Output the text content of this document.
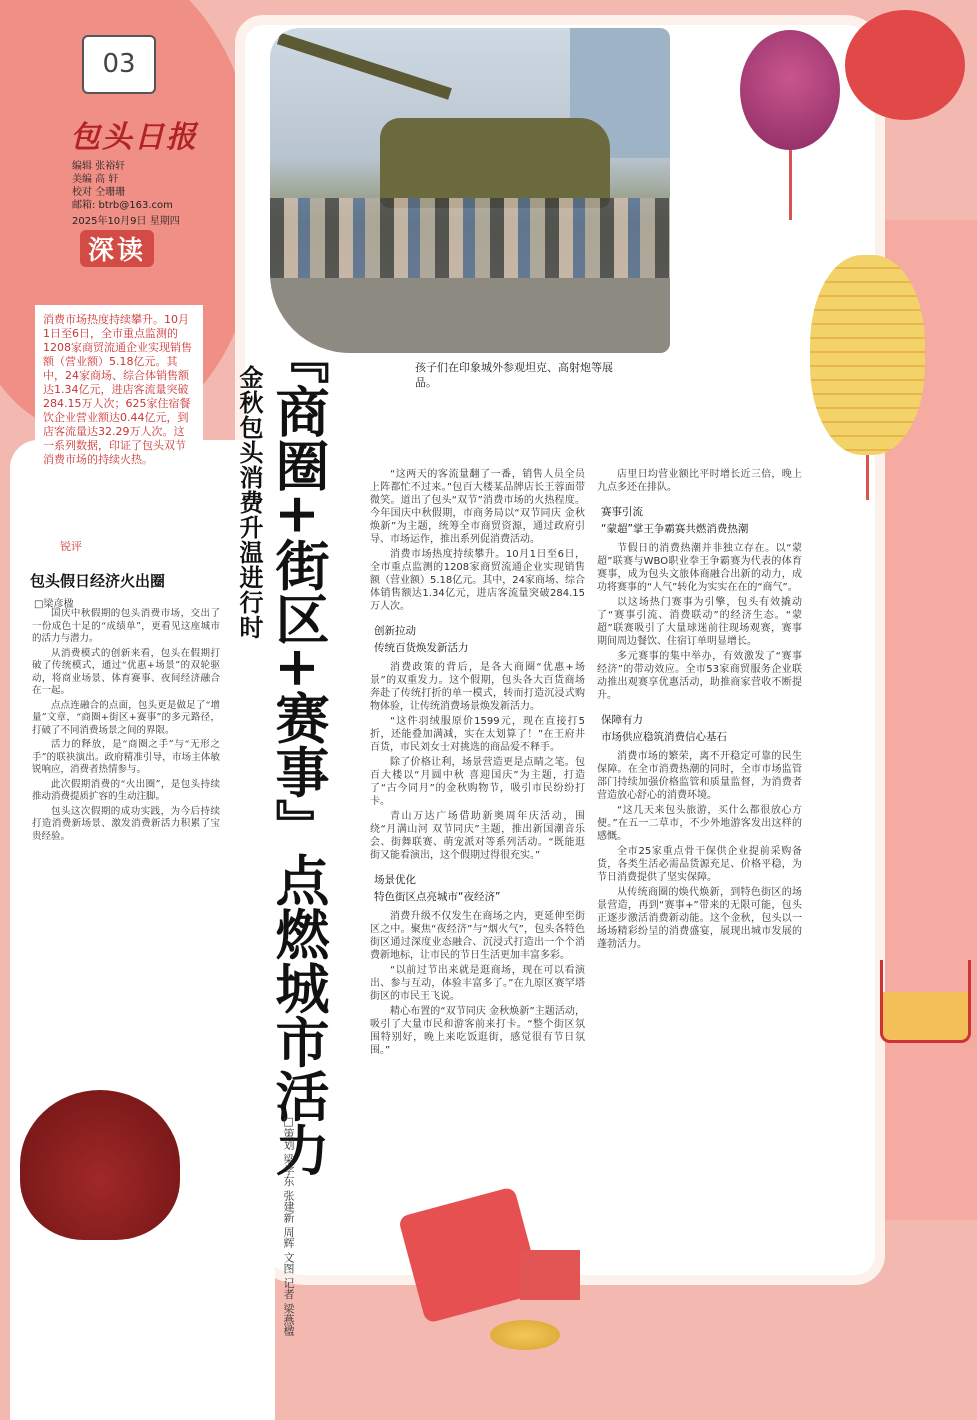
03
包头日报
编辑 张裕轩
美编 高 轩
校对 仝珊珊
邮箱: btrb@163.com
2025年10月9日 星期四
深读
孩子们在印象城外参观坦克、高射炮等展品。
『商圈+街区+赛事』点燃城市活力
金秋包头消费升温进行时
□策划 梁学东 张建新 周辉 文图 记者 梁燕楹
消费市场热度持续攀升。10月1日至6日，全市重点监测的1208家商贸流通企业实现销售额（营业额）5.18亿元。其中，24家商场、综合体销售额达1.34亿元，进店客流量突破284.15万人次；625家住宿餐饮企业营业额达0.44亿元，到店客流量达32.29万人次。这一系列数据，印证了包头双节消费市场的持续火热。
锐评
包头假日经济火出圈
□梁彦楹

国庆中秋假期的包头消费市场，交出了一份成色十足的“成绩单”，更看见这座城市的活力与潜力。

从消费模式的创新来看，包头在假期打破了传统模式，通过“优惠+场景”的双轮驱动，将商业场景、体育赛事、夜间经济融合在一起。

点点连融合的点面，包头更是做足了“增量”文章，“商圈+街区+赛事”的多元路径，打破了不同消费场景之间的界限。

活力的释放，是“商圈之手”与“无形之手”的联袂演出。政府精准引导，市场主体敏锐响应，消费者热情参与。

此次假期消费的“火出圈”，是包头持续推动消费提质扩容的生动注脚。

包头这次假期的成功实践，为今后持续打造消费新场景、激发消费新活力积累了宝贵经验。

“这两天的客流量翻了一番，销售人员全员上阵都忙不过来。”包百大楼某品牌店长王蓉面带微笑。道出了包头“双节”消费市场的火热程度。今年国庆中秋假期，市商务局以“双节同庆 金秋焕新”为主题，统筹全市商贸资源，通过政府引导、市场运作，推出系列促消费活动。

消费市场热度持续攀升。10月1日至6日，全市重点监测的1208家商贸流通企业实现销售额（营业额）5.18亿元。其中，24家商场、综合体销售额达1.34亿元，进店客流量突破284.15万人次。

创新拉动
传统百货焕发新活力

消费政策的背后，是各大商圈“优惠+场景”的双重发力。这个假期，包头各大百货商场奔赴了传统打折的单一模式，转而打造沉浸式购物体验，让传统消费场景焕发新活力。

“这件羽绒服原价1599元，现在直接打5折，还能叠加满减，实在太划算了！”在王府井百货，市民刘女士对挑选的商品爱不释手。

除了价格让利，场景营造更是点睛之笔。包百大楼以“月圆中秋 喜迎国庆”为主题，打造了“古今同月”的金秋购物节，吸引市民纷纷打卡。

青山万达广场借助新奥周年庆活动，围绕“月满山河 双节同庆”主题，推出新国潮音乐会、街舞联赛、萌宠派对等系列活动。“既能逛街又能看演出，这个假期过得很充实。”

场景优化
特色街区点亮城市“夜经济”

消费升级不仅发生在商场之内，更延伸至街区之中。聚焦“夜经济”与“烟火气”，包头各特色街区通过深度业态融合、沉浸式打造出一个个消费新地标，让市民的节日生活更加丰富多彩。

“以前过节出来就是逛商场，现在可以看演出、参与互动，体验丰富多了。”在九原区赛罕塔街区的市民王飞说。

精心布置的“双节同庆 金秋焕新”主题活动，吸引了大量市民和游客前来打卡。“整个街区氛围特别好，晚上来吃饭逛街，感觉很有节日氛围。”

店里日均营业额比平时增长近三倍，晚上九点多还在排队。

赛事引流
“蒙超”掌王争霸赛共燃消费热潮

节假日的消费热潮并非独立存在。以“蒙超”联赛与WBO职业拳王争霸赛为代表的体育赛事，成为包头文旅体商融合出新的动力，成功将赛事的“人气”转化为实实在在的“商气”。

以这场热门赛事为引擎，包头有效撬动了“赛事引流、消费联动”的经济生态。“蒙超”联赛吸引了大量球迷前往现场观赛，赛事期间周边餐饮、住宿订单明显增长。

多元赛事的集中举办，有效激发了“赛事经济”的带动效应。全市53家商贸服务企业联动推出观赛享优惠活动，助推商家营收不断提升。

保障有力
市场供应稳筑消费信心基石

消费市场的繁荣，离不开稳定可靠的民生保障。在全市消费热潮的同时，全市市场监管部门持续加强价格监管和质量监督，为消费者营造放心舒心的消费环境。

“这几天来包头旅游，买什么都很放心方便。”在五一二草市，不少外地游客发出这样的感慨。

全市25家重点骨干保供企业提前采购备货，各类生活必需品货源充足、价格平稳，为节日消费提供了坚实保障。

从传统商圈的焕代焕新，到特色街区的场景营造，再到“赛事+”带来的无限可能，包头正逐步激活消费新动能。这个金秋，包头以一场场精彩纷呈的消费盛宴，展现出城市发展的蓬勃活力。
